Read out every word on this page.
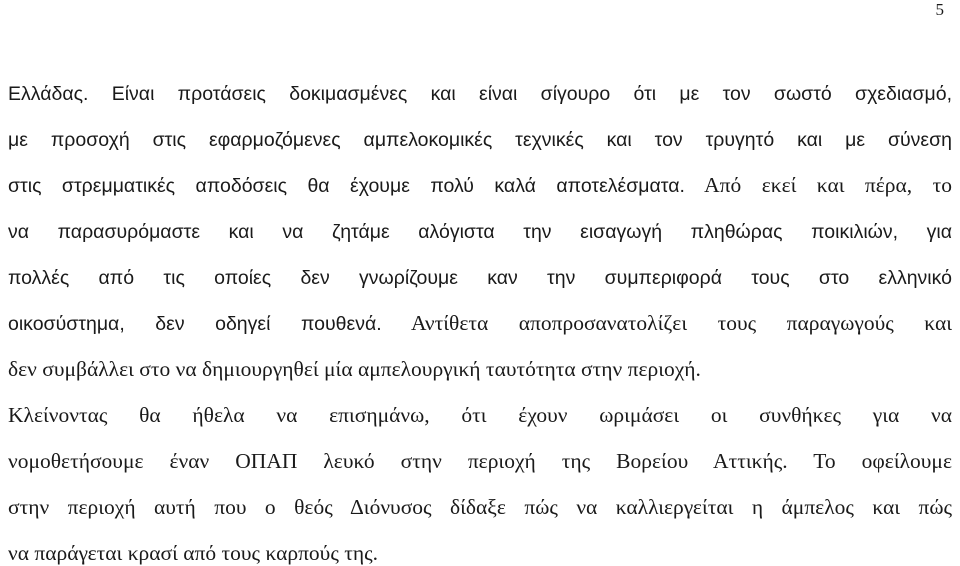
5
Ελλάδας. Είναι προτάσεις δοκιμασμένες και είναι σίγουρο ότι με τον σωστό σχεδιασμό,
με προσοχή στις εφαρμοζόμενες αμπελοκομικές τεχνικές και τον τρυγητό και με σύνεση
στις στρεμματικές αποδόσεις θα έχουμε πολύ καλά αποτελέσματα. Από εκεί και πέρα, το
να παρασυρόμαστε και να ζητάμε αλόγιστα την εισαγωγή πληθώρας ποικιλιών, για
πολλές από τις οποίες δεν γνωρίζουμε καν την συμπεριφορά τους στο ελληνικό
οικοσύστημα, δεν οδηγεί πουθενά. Αντίθετα αποπροσανατολίζει τους παραγωγούς και
δεν συμβάλλει στο να δημιουργηθεί μία αμπελουργική ταυτότητα στην περιοχή.
Κλείνοντας θα ήθελα να επισημάνω, ότι έχουν ωριμάσει οι συνθήκες για να
νομοθετήσουμε έναν ΟΠΑΠ λευκό στην περιοχή της Βορείου Αττικής. Το οφείλουμε
στην περιοχή αυτή που ο θεός Διόνυσος δίδαξε πώς να καλλιεργείται η άμπελος και πώς
να παράγεται κρασί από τους καρπούς της.
